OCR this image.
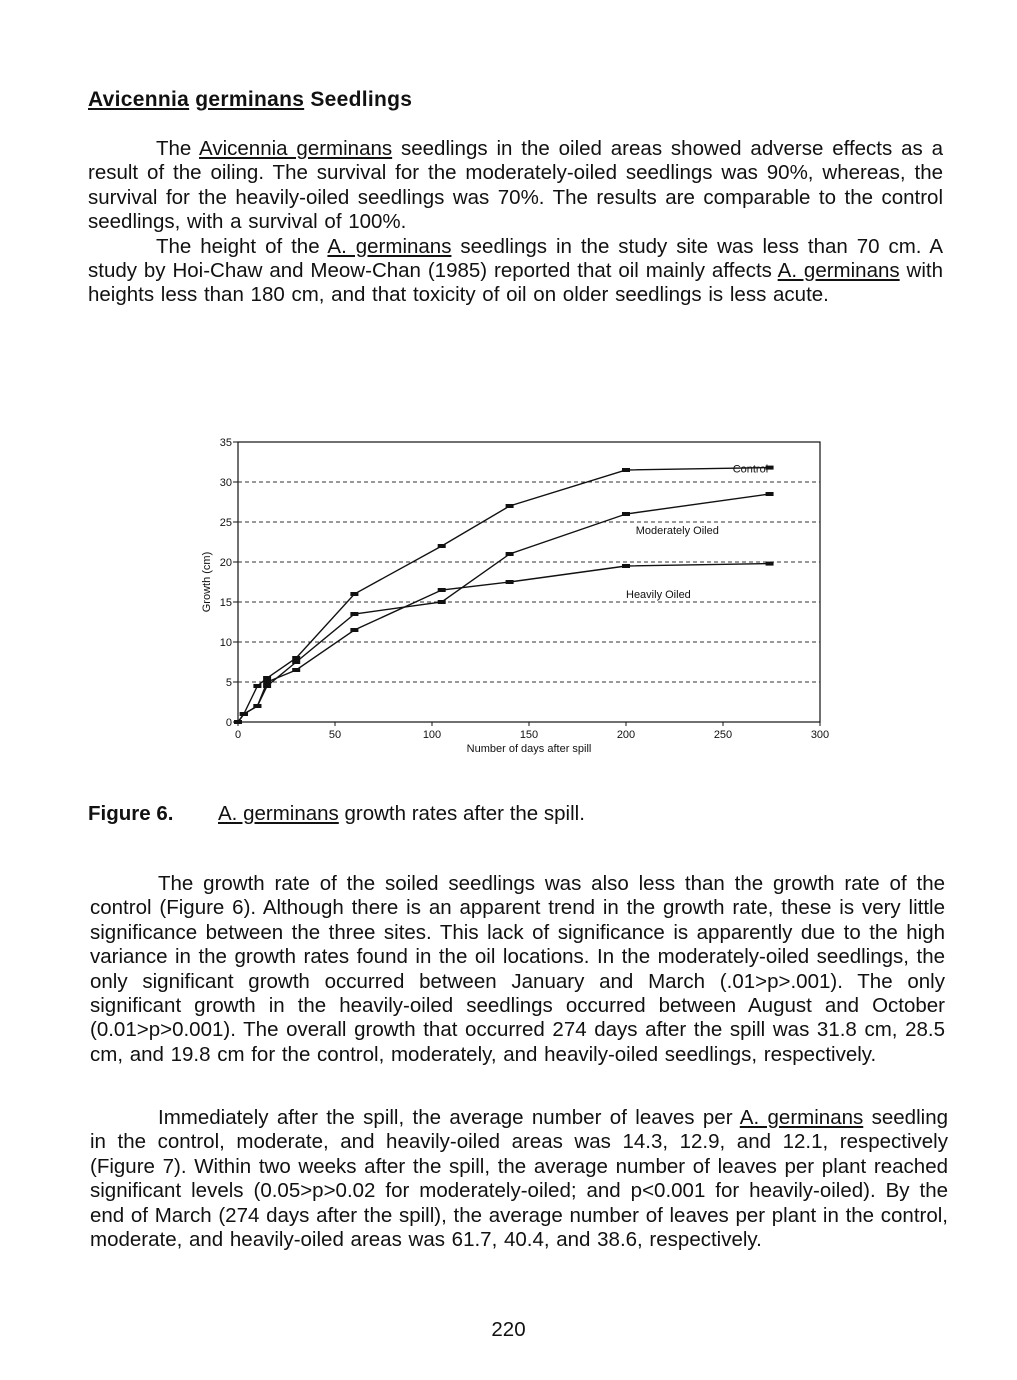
Avicennia germinans Seedlings

The Avicennia germinans seedlings in the oiled areas showed adverse effects as a result of the oiling. The survival for the moderately-oiled seedlings was 90%, whereas, the survival for the heavily-oiled seedlings was 70%. The results are comparable to the control seedlings, with a survival of 100%.

The height of the A. germinans seedlings in the study site was less than 70 cm. A study by Hoi-Chaw and Meow-Chan (1985) reported that oil mainly affects A. germinans with heights less than 180 cm, and that toxicity of oil on older seedlings is less acute.

0
5
10
15
20
25
30
35
0	50	100	150	200	250	300
Number of days after spill
Growth (cm)
Control
Moderately Oiled
Heavily Oiled
Figure 6. A. germinans growth rates after the spill.

The growth rate of the soiled seedlings was also less than the growth rate of the control (Figure 6). Although there is an apparent trend in the growth rate, these is very little significance between the three sites. This lack of significance is apparently due to the high variance in the growth rates found in the oil locations. In the moderately-oiled seedlings, the only significant growth occurred between January and March (.01>p>.001). The only significant growth in the heavily-oiled seedlings occurred between August and October (0.01>p>0.001). The overall growth that occurred 274 days after the spill was 31.8 cm, 28.5 cm, and 19.8 cm for the control, moderately, and heavily-oiled seedlings, respectively.

Immediately after the spill, the average number of leaves per A. germinans seedling in the control, moderate, and heavily-oiled areas was 14.3, 12.9, and 12.1, respectively (Figure 7). Within two weeks after the spill, the average number of leaves per plant reached significant levels (0.05>p>0.02 for moderately-oiled; and p<0.001 for heavily-oiled). By the end of March (274 days after the spill), the average number of leaves per plant in the control, moderate, and heavily-oiled areas was 61.7, 40.4, and 38.6, respectively.

220
